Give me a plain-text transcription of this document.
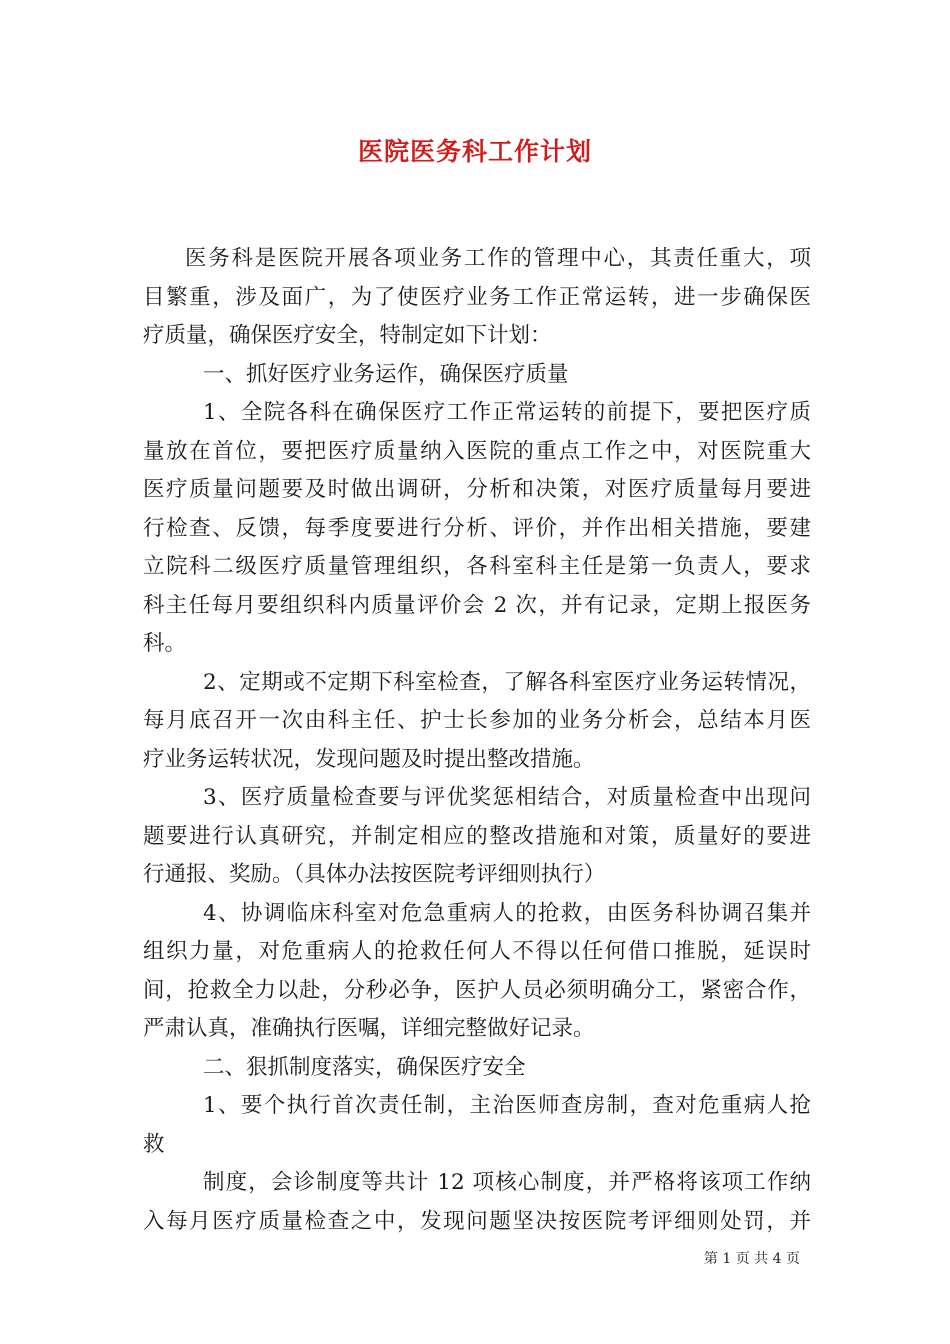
医院医务科工作计划
医务科是医院开展各项业务工作的管理中心，其责任重大，项
目繁重，涉及面广，为了使医疗业务工作正常运转，进一步确保医
疗质量，确保医疗安全，特制定如下计划：
一、抓好医疗业务运作，确保医疗质量
1、全院各科在确保医疗工作正常运转的前提下，要把医疗质
量放在首位，要把医疗质量纳入医院的重点工作之中，对医院重大
医疗质量问题要及时做出调研，分析和决策，对医疗质量每月要进
行检查、反馈，每季度要进行分析、评价，并作出相关措施，要建
立院科二级医疗质量管理组织，各科室科主任是第一负责人，要求
科主任每月要组织科内质量评价会 2 次，并有记录，定期上报医务
科。
2、定期或不定期下科室检查，了解各科室医疗业务运转情况，
每月底召开一次由科主任、护士长参加的业务分析会，总结本月医
疗业务运转状况，发现问题及时提出整改措施。
3、医疗质量检查要与评优奖惩相结合，对质量检查中出现问
题要进行认真研究，并制定相应的整改措施和对策，质量好的要进
行通报、奖励。（具体办法按医院考评细则执行）
4、协调临床科室对危急重病人的抢救，由医务科协调召集并
组织力量，对危重病人的抢救任何人不得以任何借口推脱，延误时
间，抢救全力以赴，分秒必争，医护人员必须明确分工，紧密合作，
严肃认真，准确执行医嘱，详细完整做好记录。
二、狠抓制度落实，确保医疗安全
1、要个执行首次责任制，主治医师查房制，查对危重病人抢
救
制度，会诊制度等共计 12 项核心制度，并严格将该项工作纳
入每月医疗质量检查之中，发现问题坚决按医院考评细则处罚，并
第 1 页 共 4 页
